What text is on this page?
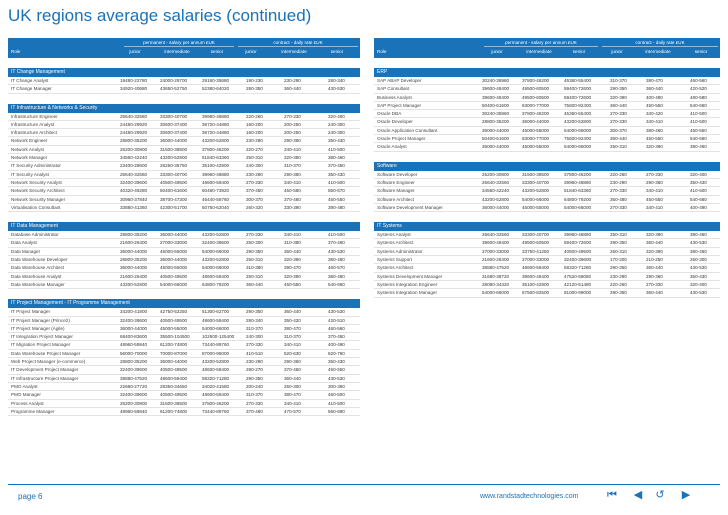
UK regions average salaries (continued)
permanent - salary per annum £UK	contract - daily rate £UK
Role	junior	intermediate	senior	junior	intermediate	senior
IT Change Management
IT Change Analyst	19480-22780	24000-29700	29160-35680	190-230	230-290	280-340
IT Change Manager	34920-40680	43650-52750	52380-64020	280-350	360-440	430-530
IT Infrastructure & Networks & Security
Infrastructure Engineer	26640-32560	33300-40700	39960-48880	220-260	270-330	320-400
Infrastructure Analyst	24480-29920	30600-37400	36720-44880	160-200	200-250	240-300
Infrastructure Architect	24480-29920	30600-37400	36720-44880	160-200	200-250	240-300
Network Engineer	28800-35200	36000-44000	43200-52800	230-290	290-360	350-430
Network Analyst	25200-30800	31500-38500	37800-46200	220-270	340-410	410-500
Network Manager	34560-42240	43200-52800	51840-63360	250-310	320-390	380-460
IT Security Administrator	23400-28600	28250-35750	35100-42900	240-300	310-370	370-450
IT Security Analyst	26640-32560	33300-40700	39960-48880	230-290	290-360	350-430
Network Security Analyst	32400-39600	40500-49500	48600-59400	270-330	340-410	410-500
Network Security Architect	40320-49280	50400-61600	60480-73920	370-450	450-560	550-670
Network Security Manager	30960-37840	38700-47300	46440-56760	300-370	370-460	450-550
Virtualisation Consultant	33880-41360	42300-51700	50760-62040	260-320	330-390	390-480
IT Data Management
Database Administrator	28800-35200	36000-44000	43200-52800	270-330	340-410	410-500
Data Analyst	21600-26400	27000-33000	32400-39600	250-300	310-380	370-460
Data Manager	36000-44000	45000-55000	54000-66000	290-350	360-440	430-530
Data Warehouse Developer	28800-35200	36000-44000	43200-52800	250-310	320-390	380-460
Data Warehouse Architect	36000-44000	45000-55000	54000-66000	310-380	390-470	460-570
Data Warehouse Analyst	21600-26400	40500-49500	48600-59400	250-310	320-390	380-460
Data Warehouse Manager	43200-52800	54000-66000	64800-79200	360-440	450-550	540-660
IT Project Management - IT Programme Management
IT Project Manager	34200-41800	42750-52250	51300-62700	290-350	360-440	430-530
IT Project Manager (Prince2)	32400-39600	40500-49500	48600-59400	280-340	350-420	420-510
IT Project Manager (Agile)	36000-44000	45000-55000	54000-66000	310-370	380-470	460-560
IT Integration Project Manager	68400-83600	35500-104500	102600-125400	240-300	310-370	370-450
IT Migration Project Manager	48960-59840	61200-74800	73440-89760	270-330	340-410	400-490
Data Warehouse Project Manager	56000-70000	70000-87000	87000-95000	410-510	520-630	620-760
Web Project Manager (e-commerce)	28800-35200	36000-44000	43200-52800	230-290	290-360	350-430
IT Development Project Manager	32400-39600	40500-49500	48600-59400	280-270	370-460	450-550
IT Infrastructure Project Manager	38880-47520	48600-59400	58320-71280	290-350	360-440	430-530
PMO Analyst	22680-27720	28350-34650	34020-41580	200-240	250-300	300-360
PMO Manager	32400-39600	40500-49500	48600-59400	310-370	380-470	460-500
Process Analyst	25200-30800	31500-38500	37800-46200	270-330	340-410	410-500
Programme Manager	48960-59840	61200-74800	73440-89760	370-460	470-570	560-690
permanent - salary per annum £UK	contract - daily rate £UK
Role	junior	intermediate	senior	junior	intermediate	senior
ERP
SAP ABAP Developer	30240-36960	37800-46200	45360-55400	310-370	380-470	460-560
SAP Consultant	39600-48400	49500-60500	59400-72600	290-350	360-440	420-520
Business Analyst	39600-48400	49500-60500	59400-72600	320-390	400-490	480-580
SAP Project Manager	50400-61600	63000-77000	75600-92400	360-440	450-550	540-660
Oracle DBA	30240-36960	37800-46200	45360-55400	270-330	340-420	410-500
Oracle Developer	28800-35200	36000-44000	43200-52800	270-330	340-410	410-500
Oracle Application Consultant	36000-44000	45000-55000	54000-66000	300-370	380-460	450-550
Oracle Project Manager	50400-61600	63000-77000	75600-92400	360-440	450-550	540-660
Oracle Analyst	36000-44000	45000-55000	54000-66000	250-310	320-390	380-460
Software
Software Developer	25200-30800	31500-38500	37800-46200	220-260	270-330	320-400
Software Engineer	26640-32560	33300-40700	39960-48880	230-290	290-360	350-430
Software Manager	34560-42240	43200-52800	51840-63360	270-330	340-410	410-500
Software Architect	43200-52800	54000-66000	64800-79200	360-480	450-550	540-660
Software Development Manager	36000-44000	45000-55000	54000-66000	270-330	340-410	400-490
IT Systems
Systems Analyst	26640-32560	33300-40700	39960-48880	250-310	320-390	380-460
Systems Architect	39600-48400	49500-60500	59400-72600	290-350	360-440	430-530
Systems Administrator	27000-33000	33750-41250	40500-49500	250-310	320-390	380-460
Systems Support	21600-26400	27000-33000	32400-39600	170-200	210-250	250-300
Systems Architect	38880-47520	48600-59400	58320-71280	290-350	360-440	430-530
Systems Development Manager	31680-38720	39600-48400	47520-58080	230-290	290-360	350-430
Systems Integration Engineer	28080-34320	35100-42900	42120-51480	220-260	270-330	320-400
Systems Integration Manager	54000-66000	67500-82500	81000-99000	290-350	360-440	430-530
page 6	www.randstadtechnologies.com	⏮	◀	↺	▶
